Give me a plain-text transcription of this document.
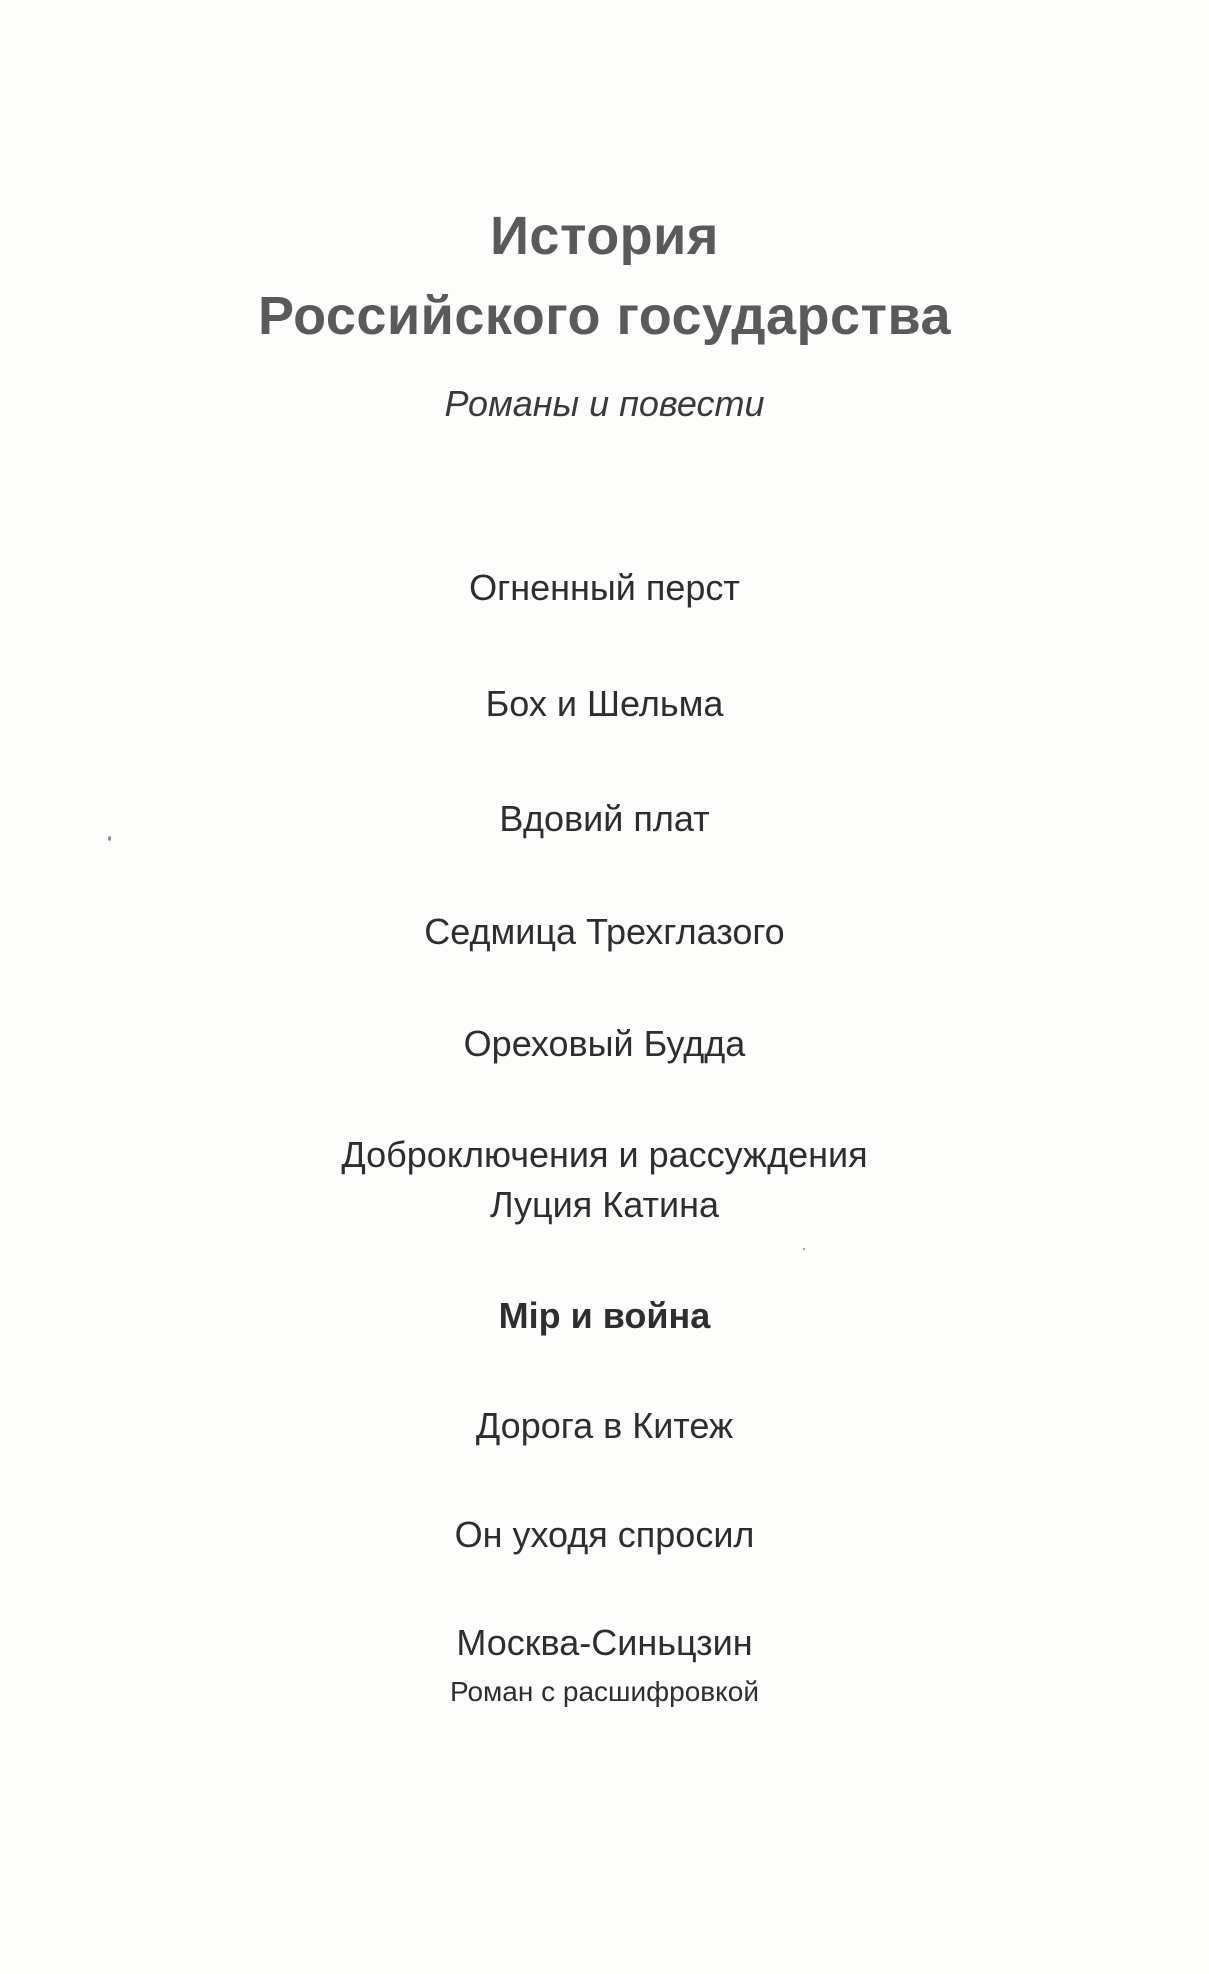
История
Российского государства
Романы и повести
Огненный перст
Бох и Шельма
Вдовий плат
Седмица Трехглазого
Ореховый Будда
Доброключения и рассуждения
Луция Катина
Мiр и война
Дорога в Китеж
Он уходя спросил
Москва-Синьцзин
Роман с расшифровкой
